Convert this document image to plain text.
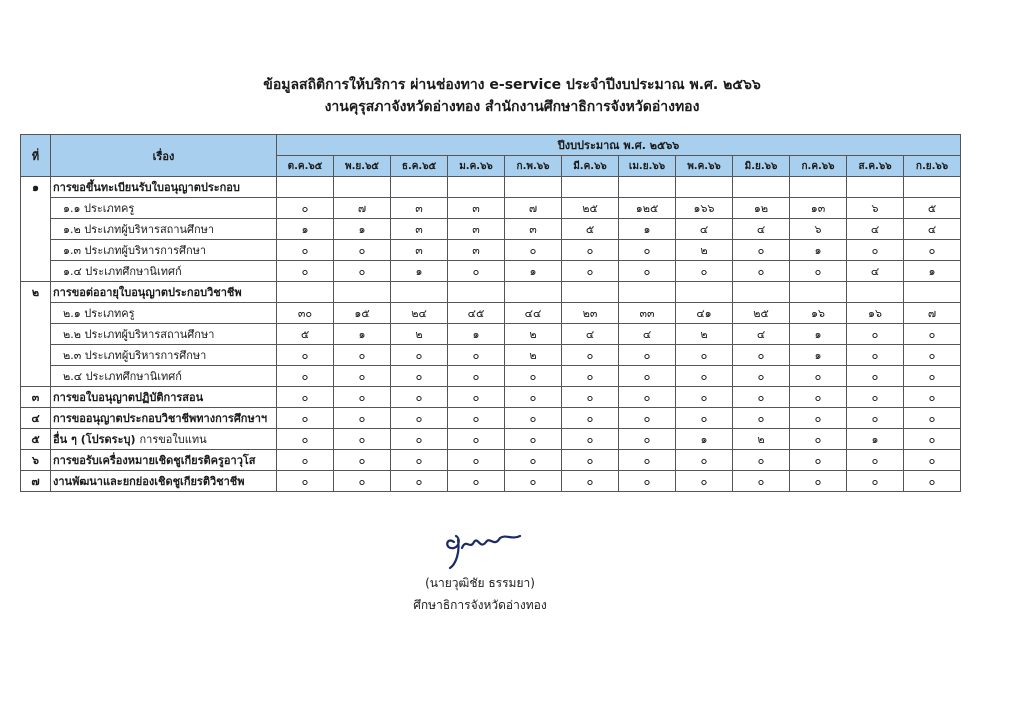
ข้อมูลสถิติการให้บริการ ผ่านช่องทาง e-service ประจำปีงบประมาณ พ.ศ. ๒๕๖๖
งานคุรุสภาจังหวัดอ่างทอง สำนักงานศึกษาธิการจังหวัดอ่างทอง
ที่	เรื่อง	ปีงบประมาณ พ.ศ. ๒๕๖๖											
		ต.ค.๖๕	พ.ย.๖๕	ธ.ค.๖๕	ม.ค.๖๖	ก.พ.๖๖	มี.ค.๖๖	เม.ย.๖๖	พ.ค.๖๖	มิ.ย.๖๖	ก.ค.๖๖	ส.ค.๖๖	ก.ย.๖๖
๑	การขอขึ้นทะเบียนรับใบอนุญาตประกอบ												
	๑.๑ ประเภทครู	๐	๗	๓	๓	๗	๒๕	๑๒๕	๑๖๖	๑๒	๑๓	๖	๕
	๑.๒ ประเภทผู้บริหารสถานศึกษา	๑	๑	๓	๓	๓	๕	๑	๔	๔	๖	๔	๔
	๑.๓ ประเภทผู้บริหารการศึกษา	๐	๐	๓	๓	๐	๐	๐	๒	๐	๑	๐	๐
	๑.๔ ประเภทศึกษานิเทศก์	๐	๐	๑	๐	๑	๐	๐	๐	๐	๐	๔	๑
๒	การขอต่ออายุใบอนุญาตประกอบวิชาชีพ												
	๒.๑ ประเภทครู	๓๐	๑๕	๒๔	๔๕	๔๔	๒๓	๓๓	๔๑	๒๕	๑๖	๑๖	๗
	๒.๒ ประเภทผู้บริหารสถานศึกษา	๕	๑	๒	๑	๒	๔	๔	๒	๔	๑	๐	๐
	๒.๓ ประเภทผู้บริหารการศึกษา	๐	๐	๐	๐	๒	๐	๐	๐	๐	๑	๐	๐
	๒.๔ ประเภทศึกษานิเทศก์	๐	๐	๐	๐	๐	๐	๐	๐	๐	๐	๐	๐
๓	การขอใบอนุญาตปฏิบัติการสอน	๐	๐	๐	๐	๐	๐	๐	๐	๐	๐	๐	๐
๔	การขออนุญาตประกอบวิชาชีพทางการศึกษาฯ	๐	๐	๐	๐	๐	๐	๐	๐	๐	๐	๐	๐
๕	อื่น ๆ (โปรดระบุ) การขอใบแทน	๐	๐	๐	๐	๐	๐	๐	๑	๒	๐	๑	๐
๖	การขอรับเครื่องหมายเชิดชูเกียรติครูอาวุโส	๐	๐	๐	๐	๐	๐	๐	๐	๐	๐	๐	๐
๗	งานพัฒนาและยกย่องเชิดชูเกียรติวิชาชีพ	๐	๐	๐	๐	๐	๐	๐	๐	๐	๐	๐	๐
(นายวุฒิชัย ธรรมยา)
ศึกษาธิการจังหวัดอ่างทอง
